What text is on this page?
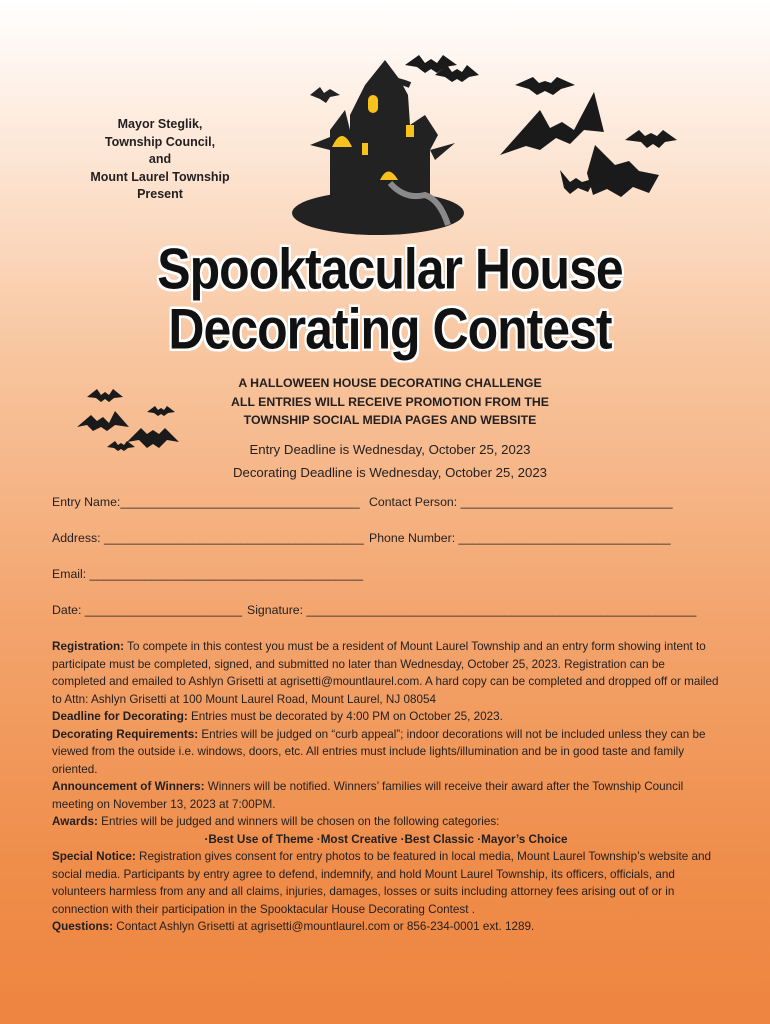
Mayor Steglik,
Township Council,
and
Mount Laurel Township
Present
Spooktacular House
Decorating Contest
A HALLOWEEN HOUSE DECORATING CHALLENGE
ALL ENTRIES WILL RECEIVE PROMOTION FROM THE
TOWNSHIP SOCIAL MEDIA PAGES AND WEBSITE
Entry Deadline is Wednesday, October 25, 2023
Decorating Deadline is Wednesday, October 25, 2023
Entry Name:___________________________________ Contact Person: _______________________________
Address: ______________________________________ Phone Number: _______________________________
Email: ________________________________________
Date: _______________________ Signature: _________________________________________________________

Registration: To compete in this contest you must be a resident of Mount Laurel Township and an entry form showing intent to participate must be completed, signed, and submitted no later than Wednesday, October 25, 2023. Registration can be completed and emailed to Ashlyn Grisetti at agrisetti@mountlaurel.com. A hard copy can be completed and dropped off or mailed to Attn: Ashlyn Grisetti at 100 Mount Laurel Road, Mount Laurel, NJ 08054

Deadline for Decorating: Entries must be decorated by 4:00 PM on October 25, 2023.

Decorating Requirements: Entries will be judged on “curb appeal”; indoor decorations will not be included unless they can be viewed from the outside i.e. windows, doors, etc. All entries must include lights/illumination and be in good taste and family oriented.

Announcement of Winners: Winners will be notified. Winners’ families will receive their award after the Township Council meeting on November 13, 2023 at 7:00PM.

Awards: Entries will be judged and winners will be chosen on the following categories:

·Best Use of Theme ·Most Creative ·Best Classic ·Mayor’s Choice

Special Notice: Registration gives consent for entry photos to be featured in local media, Mount Laurel Township’s website and social media. Participants by entry agree to defend, indemnify, and hold Mount Laurel Township, its officers, officials, and volunteers harmless from any and all claims, injuries, damages, losses or suits including attorney fees arising out of or in connection with their participation in the Spooktacular House Decorating Contest .

Questions: Contact Ashlyn Grisetti at agrisetti@mountlaurel.com or 856-234-0001 ext. 1289.
